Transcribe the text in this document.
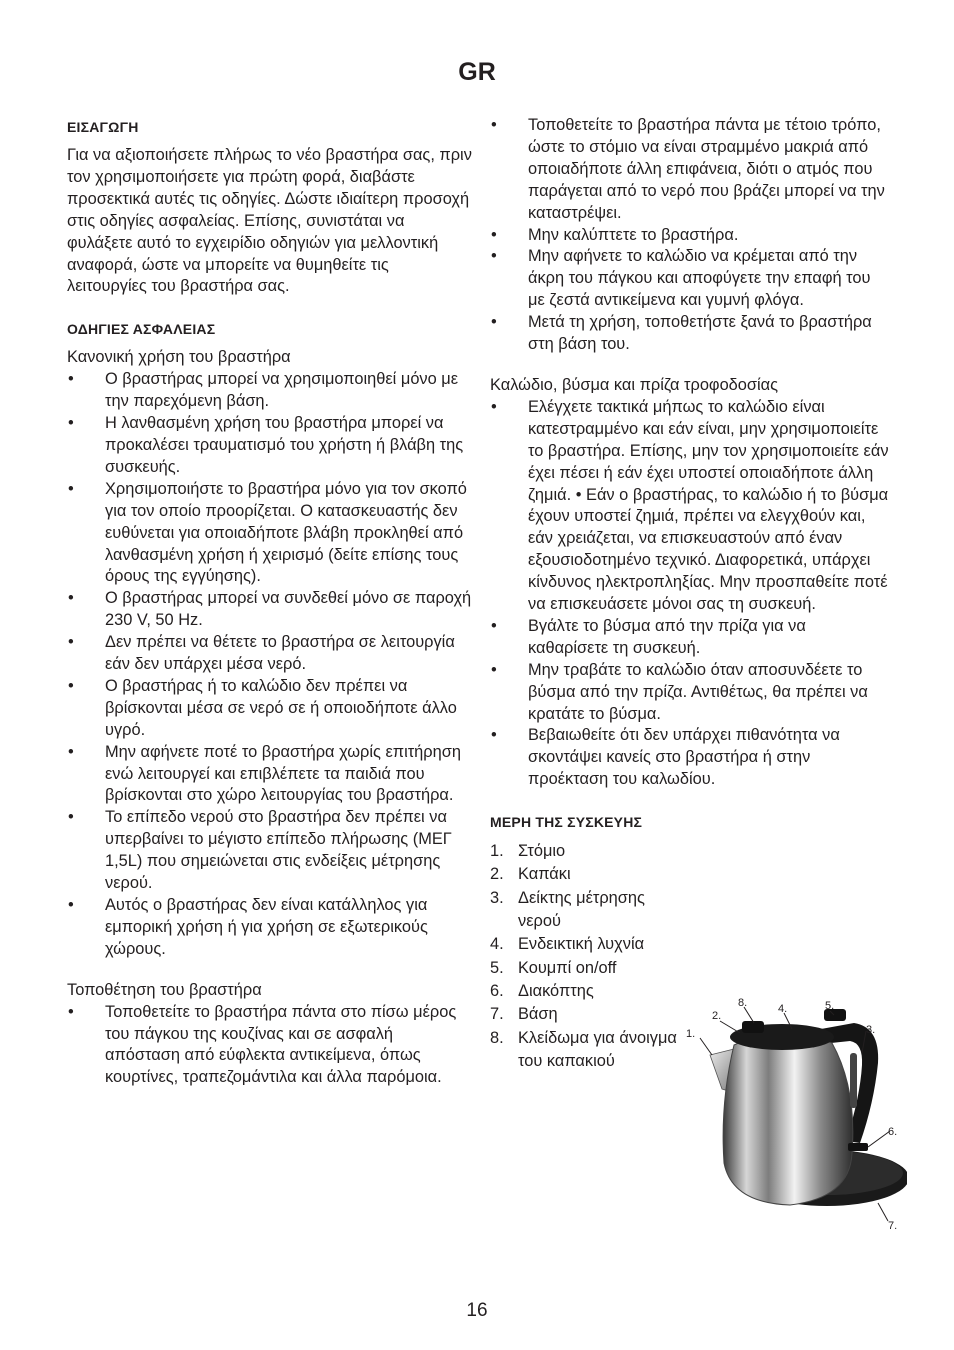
GR
ΕΙΣΑΓΩΓΗ

Για να αξιοποιήσετε πλήρως το νέο βραστήρα σας, πριν τον χρησιμοποιήσετε για πρώτη φορά, διαβάστε προσεκτικά αυτές τις οδηγίες. Δώστε ιδιαίτερη προσοχή στις οδηγίες ασφαλείας. Επίσης, συνιστάται να φυλάξετε αυτό το εγχειρίδιο οδηγιών για μελλοντική αναφορά, ώστε να μπορείτε να θυμηθείτε τις λειτουργίες του βραστήρα σας.

ΟΔΗΓΙΕΣ ΑΣΦΑΛΕΙΑΣ

Κανονική χρήση του βραστήρα

• Ο βραστήρας μπορεί να χρησιμοποιηθεί μόνο με την παρεχόμενη βάση.
• Η λανθασμένη χρήση του βραστήρα μπορεί να προκαλέσει τραυματισμό του χρήστη ή βλάβη της συσκευής.
• Χρησιμοποιήστε το βραστήρα μόνο για τον σκοπό για τον οποίο προορίζεται. Ο κατασκευαστής δεν ευθύνεται για οποιαδήποτε βλάβη προκληθεί από λανθασμένη χρήση ή χειρισμό (δείτε επίσης τους όρους της εγγύησης).
• Ο βραστήρας μπορεί να συνδεθεί μόνο σε παροχή 230 V, 50 Hz.
• Δεν πρέπει να θέτετε το βραστήρα σε λειτουργία εάν δεν υπάρχει μέσα νερό.
• Ο βραστήρας ή το καλώδιο δεν πρέπει να βρίσκονται μέσα σε νερό σε ή οποιοδήποτε άλλο υγρό.
• Μην αφήνετε ποτέ το βραστήρα χωρίς επιτήρηση ενώ λειτουργεί και επιβλέπετε τα παιδιά που βρίσκονται στο χώρο λειτουργίας του βραστήρα.
• Το επίπεδο νερού στο βραστήρα δεν πρέπει να υπερβαίνει το μέγιστο επίπεδο πλήρωσης (ΜΕΓ 1,5L) που σημειώνεται στις ενδείξεις μέτρησης νερού.
• Αυτός ο βραστήρας δεν είναι κατάλληλος για εμπορική χρήση ή για χρήση σε εξωτερικούς χώρους.

Τοποθέτηση του βραστήρα

• Τοποθετείτε το βραστήρα πάντα στο πίσω μέρος του πάγκου της κουζίνας και σε ασφαλή απόσταση από εύφλεκτα αντικείμενα, όπως κουρτίνες, τραπεζομάντιλα και άλλα παρόμοια.
• Τοποθετείτε το βραστήρα πάντα με τέτοιο τρόπο, ώστε το στόμιο να είναι στραμμένο μακριά από οποιαδήποτε άλλη επιφάνεια, διότι ο ατμός που παράγεται από το νερό που βράζει μπορεί να την καταστρέψει.
• Μην καλύπτετε το βραστήρα.
• Μην αφήνετε το καλώδιο να κρέμεται από την άκρη του πάγκου και αποφύγετε την επαφή του με ζεστά αντικείμενα και γυμνή φλόγα.
• Μετά τη χρήση, τοποθετήστε ξανά το βραστήρα στη βάση του.

Καλώδιο, βύσμα και πρίζα τροφοδοσίας

• Ελέγχετε τακτικά μήπως το καλώδιο είναι κατεστραμμένο και εάν είναι, μην χρησιμοποιείτε το βραστήρα. Επίσης, μην τον χρησιμοποιείτε εάν έχει πέσει ή εάν έχει υποστεί οποιαδήποτε άλλη ζημιά. • Εάν ο βραστήρας, το καλώδιο ή το βύσμα έχουν υποστεί ζημιά, πρέπει να ελεγχθούν και, εάν χρειάζεται, να επισκευαστούν από έναν εξουσιοδοτημένο τεχνικό. Διαφορετικά, υπάρχει κίνδυνος ηλεκτροπληξίας. Μην προσπαθείτε ποτέ να επισκευάσετε μόνοι σας τη συσκευή.
• Βγάλτε το βύσμα από την πρίζα για να καθαρίσετε τη συσκευή.
• Μην τραβάτε το καλώδιο όταν αποσυνδέετε το βύσμα από την πρίζα. Αντιθέτως, θα πρέπει να κρατάτε το βύσμα.
• Βεβαιωθείτε ότι δεν υπάρχει πιθανότητα να σκοντάψει κανείς στο βραστήρα ή στην προέκταση του καλωδίου.
ΜΕΡΗ ΤΗΣ ΣΥΣΚΕΥΗΣ
1. Στόμιο
2. Καπάκι
3. Δείκτης μέτρησης νερού
4. Ενδεικτική λυχνία
5. Κουμπί on/off
6. Διακόπτης
7. Βάση
8. Κλείδωμα για άνοιγμα του καπακιού
1.
2.
8.	4.	5.
3.
6.
7.
16
